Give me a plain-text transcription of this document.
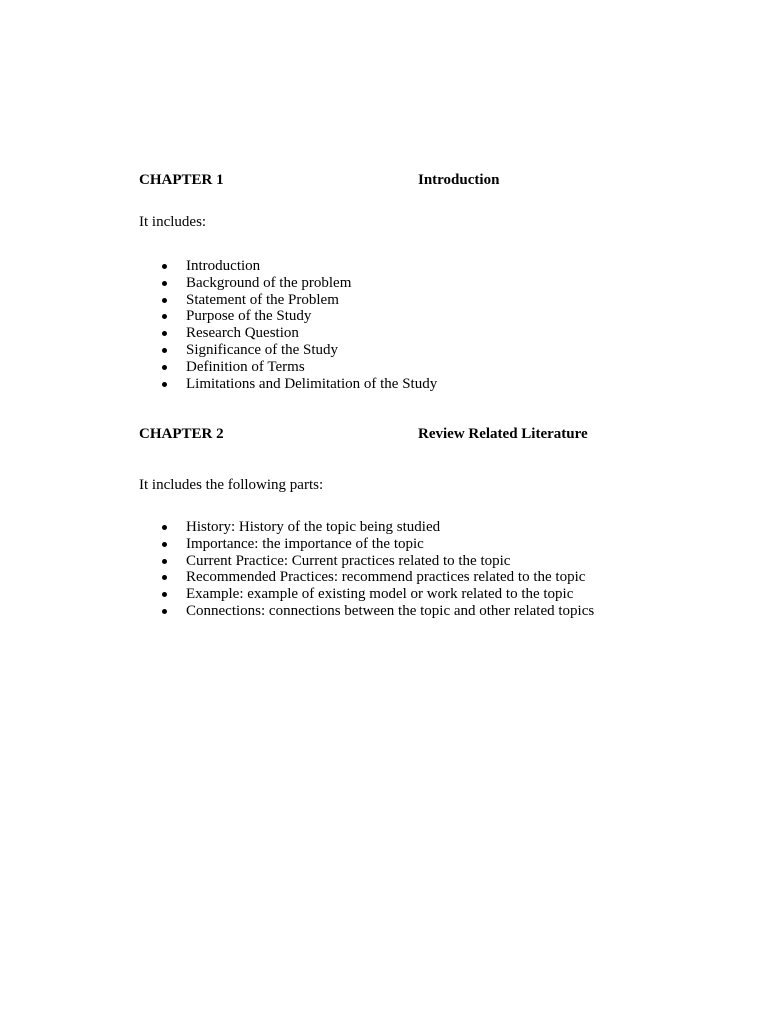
CHAPTER 1	Introduction
It includes:
Introduction
Background of the problem
Statement of the Problem
Purpose of the Study
Research Question
Significance of the Study
Definition of Terms
Limitations and Delimitation of the Study
CHAPTER 2	Review Related Literature
It includes the following parts:
History: History of the topic being studied
Importance: the importance of the topic
Current Practice: Current practices related to the topic
Recommended Practices: recommend practices related to the topic
Example: example of existing model or work related to the topic
Connections: connections between the topic and other related topics
